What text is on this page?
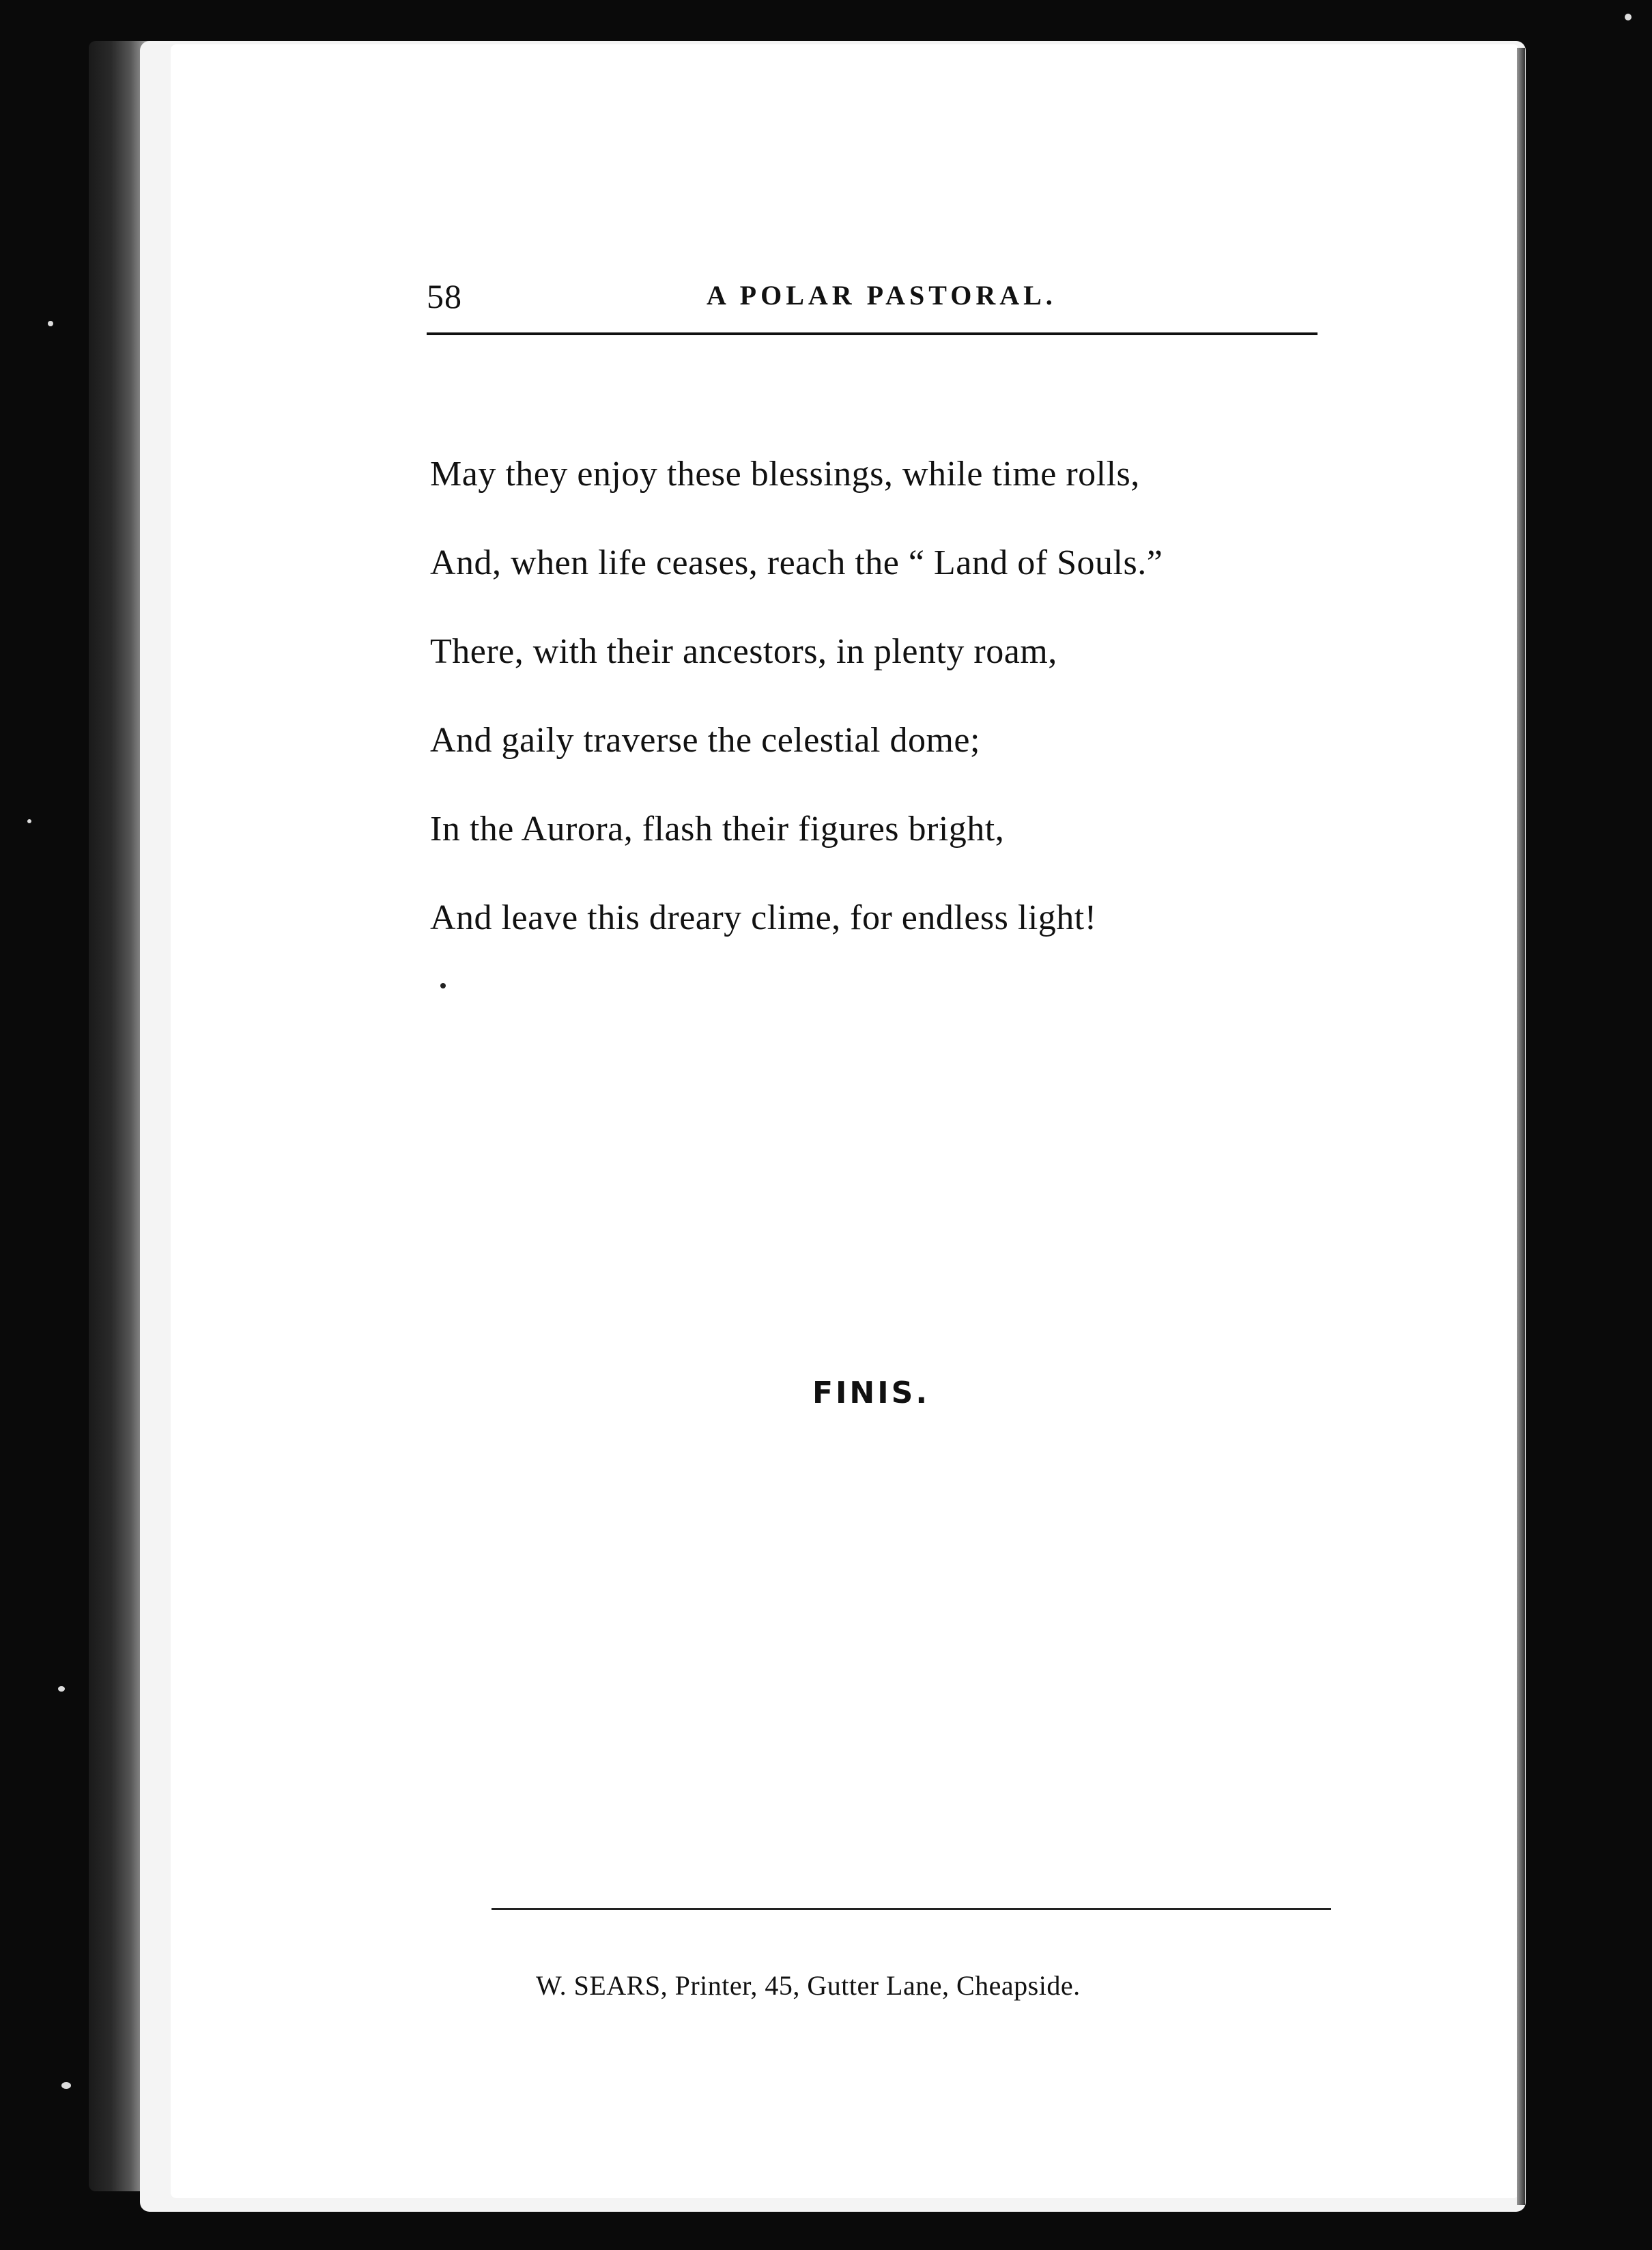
58	A POLAR PASTORAL.
May they enjoy these blessings, while time rolls,
And, when life ceases, reach the “ Land of Souls.”
There, with their ancestors, in plenty roam,
And gaily traverse the celestial dome;
In the Aurora, flash their figures bright,
And leave this dreary clime, for endless light!
FINIS.
W. SEARS, Printer, 45, Gutter Lane, Cheapside.
